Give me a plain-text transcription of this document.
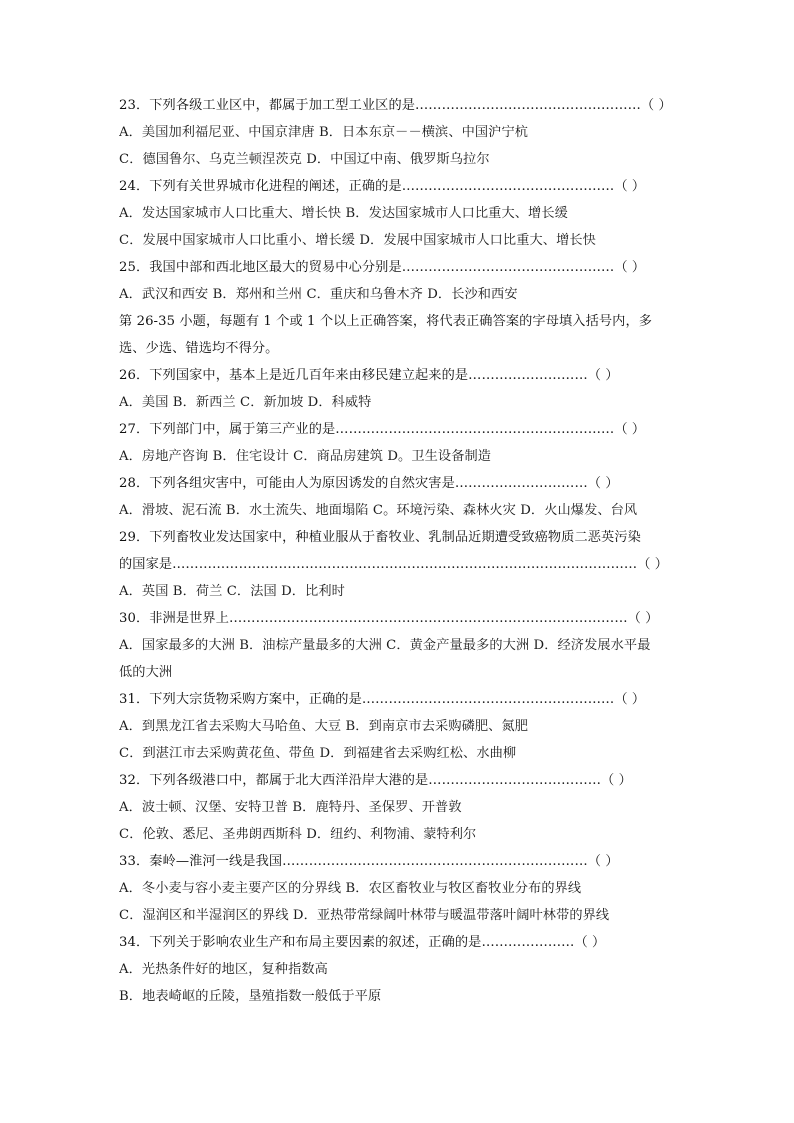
23．下列各级工业区中，都属于加工型工业区的是……………………………………………（ ）
A．美国加利福尼亚、中国京津唐 B．日本东京－－横滨、中国沪宁杭
C．德国鲁尔、乌克兰顿涅茨克 D．中国辽中南、俄罗斯乌拉尔
24．下列有关世界城市化进程的阐述，正确的是…………………………………………（ ）
A．发达国家城市人口比重大、增长快 B．发达国家城市人口比重大、增长缓
C．发展中国家城市人口比重小、增长缓 D．发展中国家城市人口比重大、增长快
25．我国中部和西北地区最大的贸易中心分别是…………………………………………（ ）
A．武汉和西安 B．郑州和兰州 C．重庆和乌鲁木齐 D．长沙和西安
第 26-35 小题，每题有 1 个或 1 个以上正确答案，将代表正确答案的字母填入括号内，多
选、少选、错选均不得分。
26．下列国家中，基本上是近几百年来由移民建立起来的是………………………（ ）
A．美国 B．新西兰 C．新加坡 D．科威特
27．下列部门中，属于第三产业的是………………………………………………………（ ）
A．房地产咨询 B．住宅设计 C．商品房建筑 D。卫生设备制造
28．下列各组灾害中，可能由人为原因诱发的自然灾害是…………………………（ ）
A．滑坡、泥石流 B．水土流失、地面塌陷 C。环境污染、森林火灾 D．火山爆发、台风
29．下列畜牧业发达国家中，种植业服从于畜牧业、乳制品近期遭受致癌物质二恶英污染
的国家是……………………………………………………………………………………………（ ）
A．英国 B．荷兰 C．法国 D．比利时
30．非洲是世界上………………………………………………………………………………（ ）
A．国家最多的大洲 B．油棕产量最多的大洲 C．黄金产量最多的大洲 D．经济发展水平最
低的大洲
31．下列大宗货物采购方案中，正确的是…………………………………………………（ ）
A．到黑龙江省去采购大马哈鱼、大豆 B．到南京市去采购磷肥、氮肥
C．到湛江市去采购黄花鱼、带鱼 D．到福建省去采购红松、水曲柳
32．下列各级港口中，都属于北大西洋沿岸大港的是…………………………………（ ）
A．波士顿、汉堡、安特卫普 B．鹿特丹、圣保罗、开普敦
C．伦敦、悉尼、圣弗朗西斯科 D．纽约、利物浦、蒙特利尔
33．秦岭—淮河一线是我国……………………………………………………………（ ）
A．冬小麦与容小麦主要产区的分界线 B．农区畜牧业与牧区畜牧业分布的界线
C．湿润区和半湿润区的界线 D．亚热带常绿阔叶林带与暖温带落叶阔叶林带的界线
34．下列关于影响农业生产和布局主要因素的叙述，正确的是…………………（ ）
A．光热条件好的地区，复种指数高
B．地表崎岖的丘陵，垦殖指数一般低于平原
